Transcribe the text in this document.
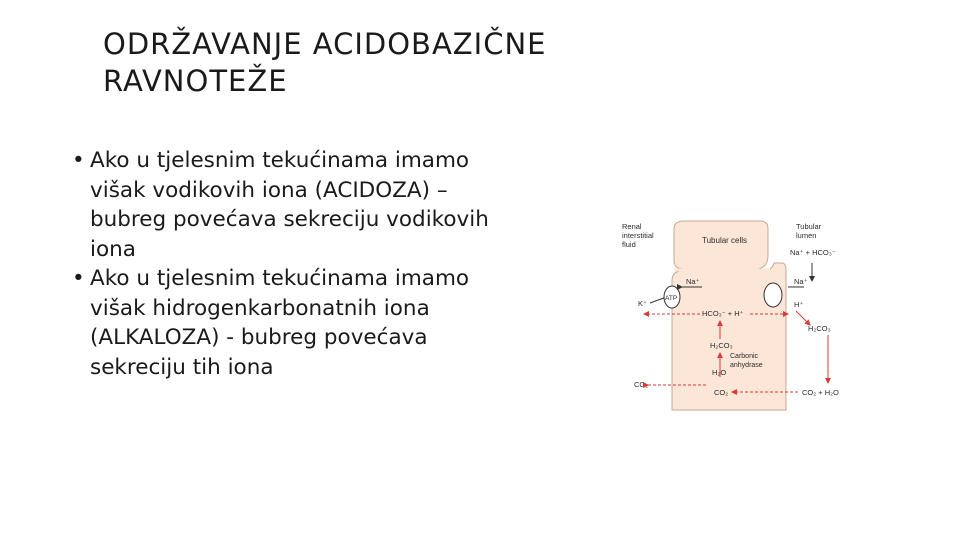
ODRŽAVANJE ACIDOBAZIČNE
RAVNOTEŽE
• Ako u tjelesnim tekućinama imamo višak vodikovih iona (ACIDOZA) – bubreg povećava sekreciju vodikovih iona
• Ako u tjelesnim tekućinama imamo višak hidrogenkarbonatnih iona (ALKALOZA) - bubreg povećava sekreciju tih iona
Renal
interstitial
fluid	Tubular cells
Tubular
lumen
Na⁺ + HCO₃⁻
K⁺
ATP
Na⁺	Na⁺
H⁺
HCO₃⁻ + H⁺
H₂CO₃
H₂CO₃
Carbonic
anhydrase
H₂O
CO₂
CO₂
CO₂ + H₂O
